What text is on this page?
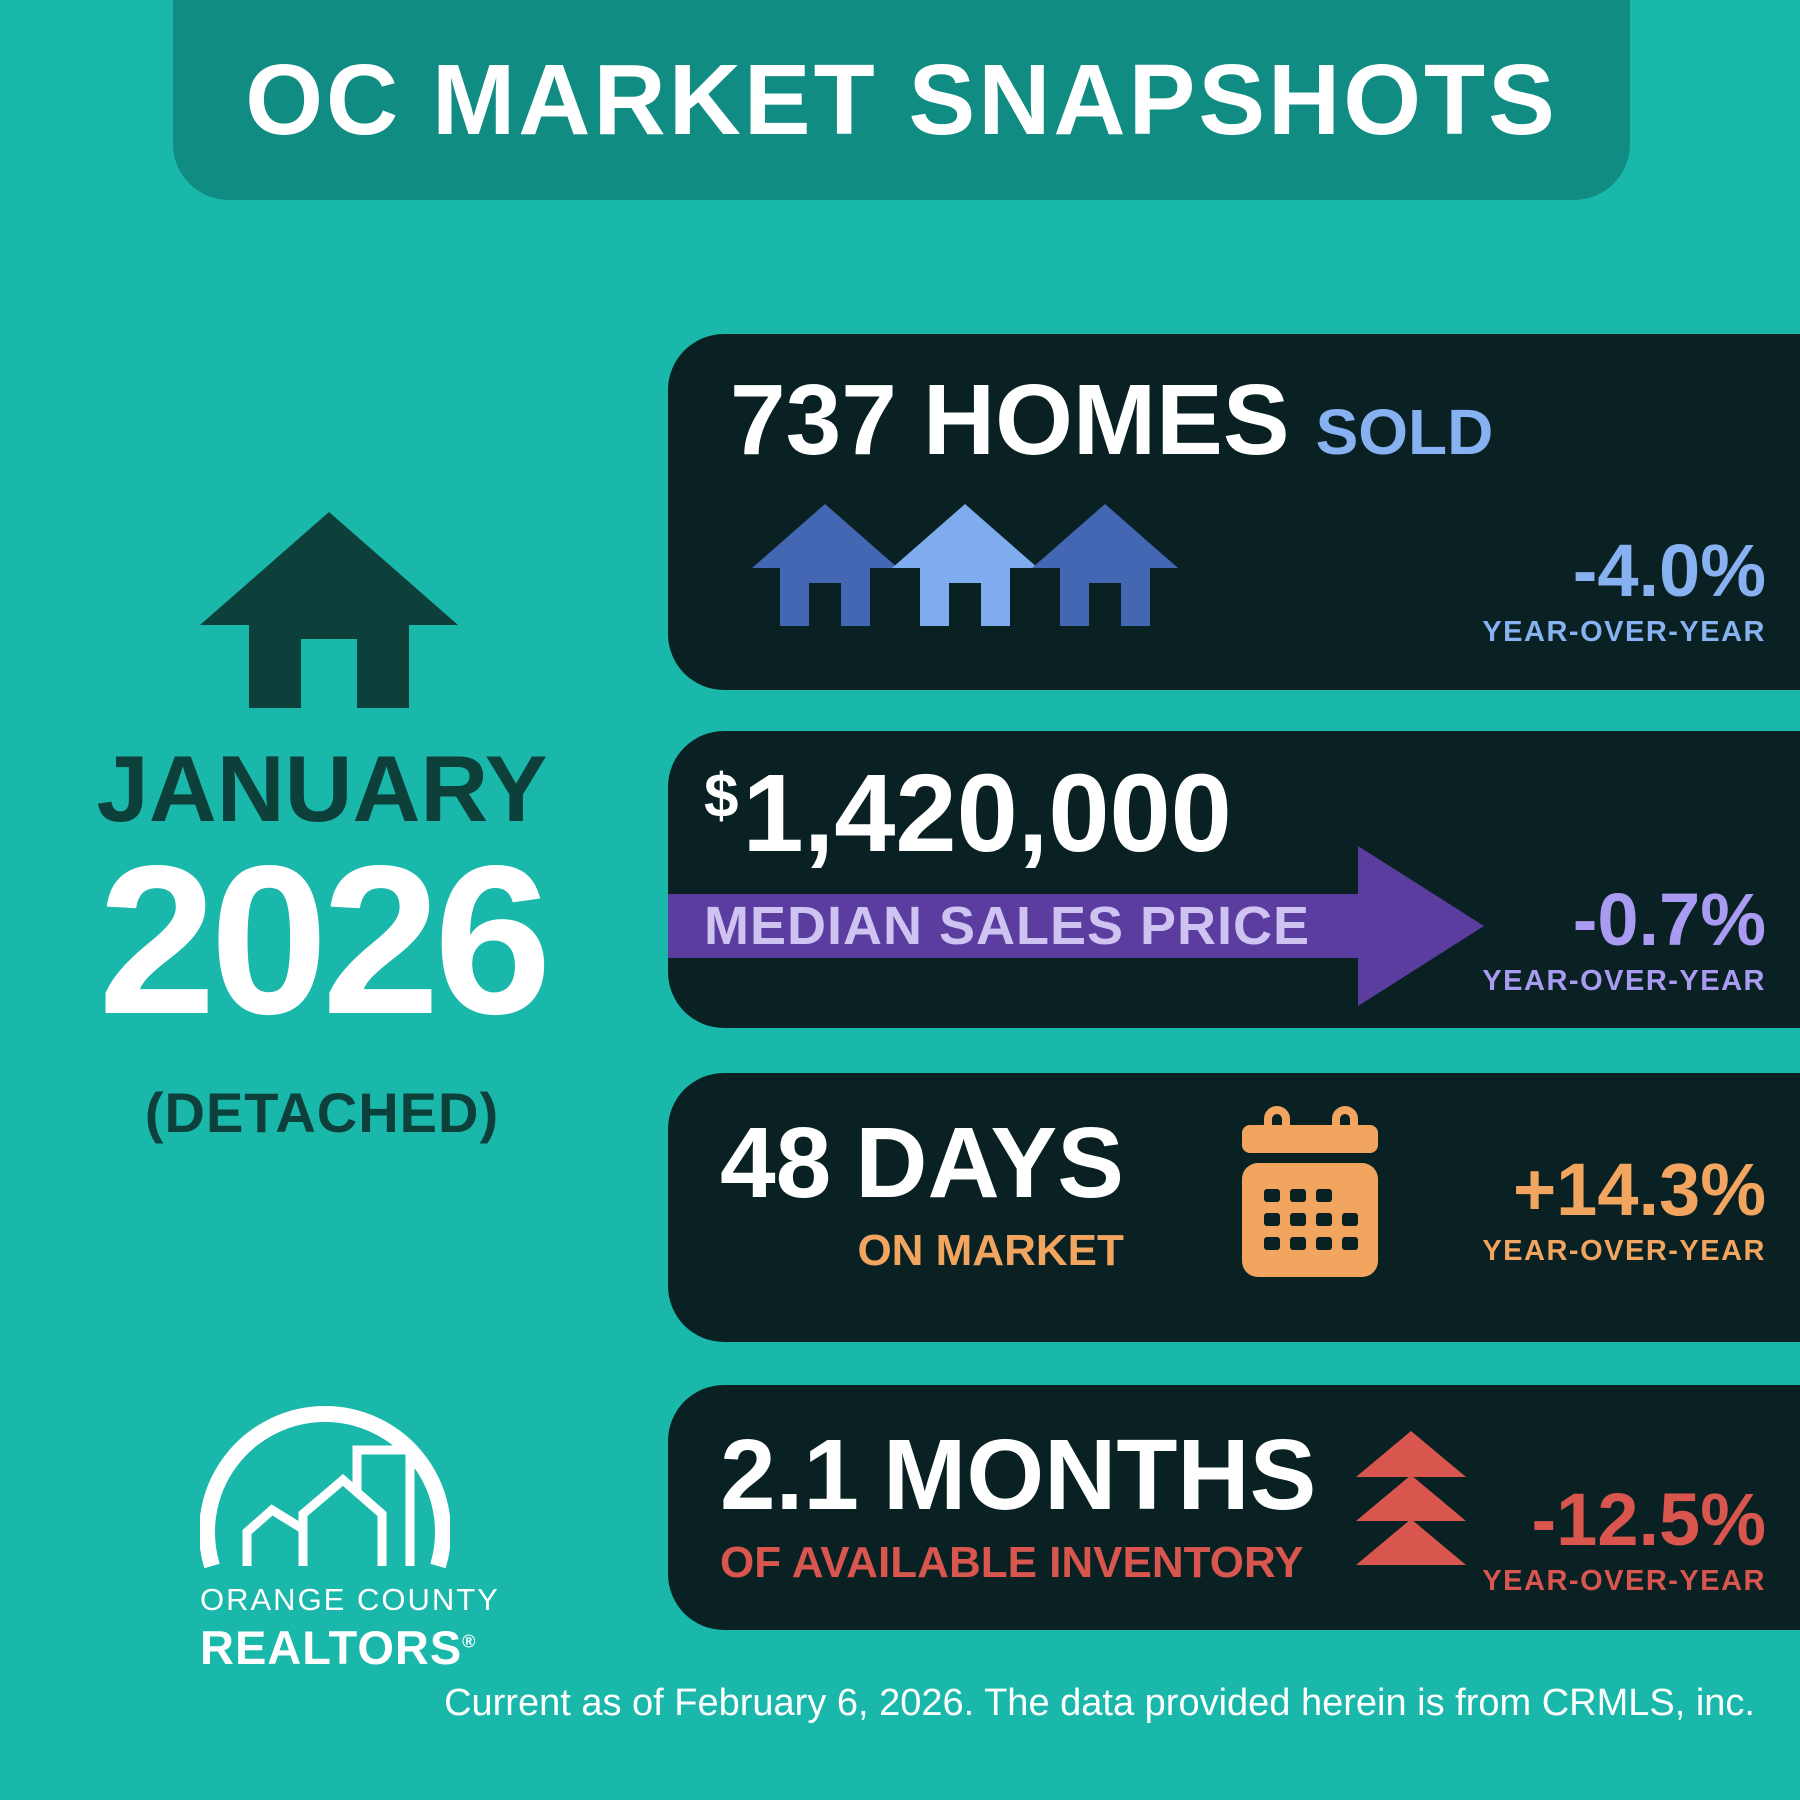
OC MARKET SNAPSHOTS
JANUARY
2026
(DETACHED)
ORANGE COUNTY
REALTORS®
737 HOMES SOLD
-4.0%
YEAR-OVER-YEAR
$1,420,000
MEDIAN SALES PRICE	-0.7%
YEAR-OVER-YEAR
48 DAYS
ON MARKET
+14.3%
YEAR-OVER-YEAR
2.1 MONTHS
OF AVAILABLE INVENTORY
-12.5%
YEAR-OVER-YEAR
Current as of February 6, 2026. The data provided herein is from CRMLS, inc.
